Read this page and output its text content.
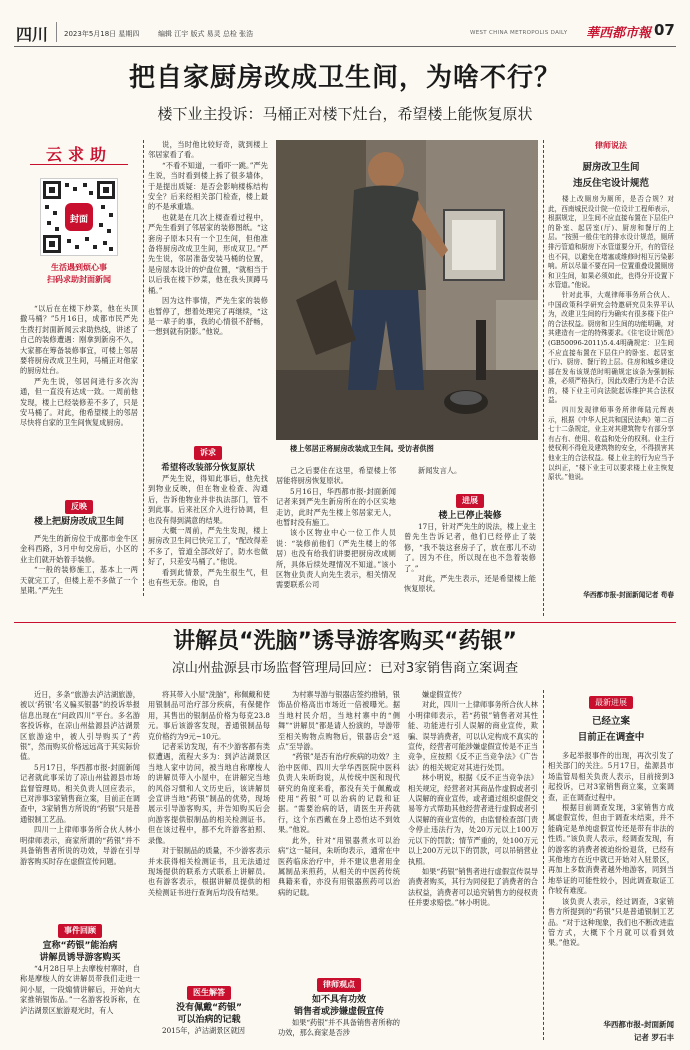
四川 2023年5月18日 星期四	编辑 江宇 版式 易灵 总检 张浩	WEST CHINA METROPOLIS DAILY 華西都市報 07
把自家厨房改成卫生间，为啥不行？
楼下业主投诉：马桶正对楼下灶台，希望楼上能恢复原状
云求助
封面
生活遇到烦心事
扫码求助封面新闻

“以后在在楼下炒菜，他在头顶撒马桶？”5月16日，成都市民严先生拨打封面新闻云求助热线，讲述了自己的装修遭遇：刚拿到新房不久，大家都在筹备装修事宜，可楼上邻居要将厨房改成卫生间，马桶正对他家的厨房灶台。

严先生说，邻居间进行多次沟通，但一直没有达成一致。一周前他发现，楼上已经装修差不多了，只是安马桶了。对此，他希望楼上的邻居尽快将自家的卫生间恢复成厨房。

反映
楼上把厨房改成卫生间

严先生的新房位于成都市金牛区金科西路，3月中旬交房后，小区的业主们就开始着手装修。

“一般的装修施工，基本上一两天就完工了，但楼上差不多做了一个星期。”严先生

说，当时他比较好奇，就到楼上邻居家看了看。

“不看不知道，一看吓一跳。”严先生说，当时看到楼上拆了很多墙体，于是提出质疑：是否会影响楼栋结构安全？后来经相关部门检查，楼上最的不是承重墙。

也就是在几次上楼查看过程中，严先生看到了邻居家的装修图纸。“这套房子原本只有一个卫生间，但他准备将厨房改成卫生间，形成双卫。”严先生说，邻居准备安装马桶的位置，是房屋本设计的炉盘位置，“就相当于以后我在楼下炒菜，他在我头顶蹲马桶。”

因为这件事情，严先生家的装修也暂停了，想着处理完了再继续，“这是一辈子的事，我的心情很不舒畅，一想到就有阴影。”他说。

诉求
希望将改装部分恢复原状

严先生说，得知此事后，他先找到物业反映，但在物业检查、沟通后，告诉他物业并非执法部门，管不到此事。后来社区介入进行协调，但也没有得到满意的结果。

大概一周前，严先生发现，楼上厨房改卫生间已快完工了，“配改得差不多了，管道全部改好了，防水也做好了，只差安马桶了。”他说。

看到此情景，严先生很生气，但也有些无奈。他说，自

楼上邻居正将厨房改装成卫生间。受访者供图

己之后要住在这里，希望楼上邻居能将厨房恢复原状。

5月16日，华西都市报-封面新闻记者来到严先生新房所在的小区实地走访，此时严先生楼上邻居家无人，也暂时没有施工。

该小区物业中心一位工作人员说：“装修前他们（严先生楼上的邻居）也没有给我们讲要把厨房改成厕所，具体后续处理情况不知道。”该小区物业负责人向先生表示，相关情况需要联系公司

新闻发言人。

进展
楼上已停止装修

17日，针对严先生的说法，楼上业主曾先生告诉记者，他们已经停止了装修，“我不装这套房子了，放在那儿不动了。因为不住，所以现在也不急着装修了。”

对此，严先生表示，还是希望楼上能恢复原状。

律师说法
厨房改卫生间
违反住宅设计规范

楼上改厕房为厕所，是否合规？对此，西南城民设计院一位设计工程师表示，根据规定，卫生间不应直接布置在下层住户的卧室、起居室(厅)、厨房和餐厅的上层。“按照一般住宅的排水设计规范，厕所排污管道和厨房下水管道要分开，有的管径也不同，以避免在堵塞或维修时相互污染影响。所以尽量不要在同一位置重叠设置厕房和卫生间，如果必须如此，也得分开设置下水管道。”他说。

针对此事，大观律师事务所合伙人、中国政策科学研究会特邀研究员朱界平认为，改建卫生间的行为确实有很多楼下住户的合法权益。厨房和卫生间的功能明确，对其建造有一定的特殊要求。《住宅设计规范》(GB50096-2011)5.4.4明确规定：卫生间不应直接布置在下层住户的卧室、起居室(厅)、厨房、餐厅的上层。住房和城乡建设部在发布该规范时明确规定该条为强制标准，必须严格执行，因此改建行为是不合法的，楼下业主可向法院起诉维护其合法权益。

四川发现律师事务所律师陆元辉表示，根据《中华人民共和国民法典》第二百七十二条规定，业主对其建筑物专有部分享有占有、使用、收益和处分的权利。业主行使权利不得危及建筑物的安全，不得损害其他业主的合法权益。楼上业主的行为应当予以纠正，“楼下业主可以要求楼上业主恢复原状。”他说。

华西都市报-封面新闻记者 苟春
讲解员“洗脑”诱导游客购买“药银”
凉山州盐源县市场监督管理局回应：已对3家销售商立案调查

近日，多条“旅游去泸沽湖旅游，被以‘药银’名义骗买银器”的投诉举报信息出现在“问政四川”平台。多名游客投诉称，在凉山州盐源县泸沽湖景区旅游途中，被人引导购买了“药银”，然而购买价格远远高于其实际价值。

5月17日，华西都市报-封面新闻记者就此事采访了凉山州盐源县市场监督管理局。相关负责人回应表示，已对涉事3家销售商立案，目前正在调查中，3家销售方所说的“药银”只是普通银制工艺品。

四川一上律师事务所合伙人林小明律师表示，商家所谓的“药银”并不具备销售者所说的功效，导游在引导游客购买时存在虚假宣传问题。

事件回顾
宣称“药银”能治病
讲解员诱导游客购买

“4月28日早上去摩梭村寨时，自称是摩梭人的女讲解员带我们走进一间小屋，一段煽情讲解后，开始向大家推销银饰品。”一名游客投诉称，在泸沽湖景区旅游观光时，有人

将其带入小屋“洗脑”，称佩戴和使用银制品可治疗部分疾病，有保健作用，其售出的银制品价格为每克23.8元。事后该游客发现，普通银制品每克价格约为9元~10元。

记者采访发现，有不少游客都有类似遭遇，流程大多为：到泸沽湖景区当地人家中访问，被当地自称摩梭人的讲解员带入小屋中，在讲解完当地的风俗习惯和人文历史后，该讲解员会宣讲当地“药银”制品的优势，现场展示引导游客购买，并告知购买后会向游客提供银制品的相关检测证书。但在该过程中，都不允许游客拍照、录像。

对于银制品的质量，不少游客表示并未获得相关检测证书，且无法通过现场提供的联系方式联系上讲解员。也有游客表示，根据讲解员提供的相关检测证书进行查询后均没有结果。

医生解答
没有佩戴“药银”
可以治病的记载

2015年，泸沽湖景区就因

为村寨导游与银器店签约推销，银饰品价格高出市场近一倍被曝光。据当地村民介绍，当地村寨中的“侧舞”“讲解员”都是请人扮演的，导游带至相关购物点购物后，银器店会“返点”至导游。

“药银”是否有治疗疾病的功效？主治中医师、四川大学华西医院中医科负责人朱昕昀说，从传统中医和现代研究的角度来看，都没有关于佩戴或使用“药银”可以治病的记载和证据。“需要治病的话，请医生开药就行，这个东西戴在身上恐怕达不到效果。”他说。

此外，针对“用银器煮水可以治病”这一疑问，朱昕昀表示，通常在中医药临床治疗中，并不建议患者用金属制品来煎药，从相关的中医药传统典籍来看，亦没有用银器煎药可以治病的记载。

律师观点
如不具有功效
销售者或涉嫌虚假宣传

如果“药银”并不具备销售者所称的功效，那么商家是否涉

嫌虚假宣传？

对此，四川一上律师事务所合伙人林小明律师表示，若“药银”销售者对其性能、功能进行引人误解的商业宣传，欺骗、误导消费者，可以认定构成不真实的宣传，经营者可能涉嫌虚假宣传是不正当竞争，应按照《反不正当竞争法》《广告法》的相关规定对其进行处罚。

林小明说，根据《反不正当竞争法》相关规定，经营者对其商品作虚假或者引人误解的商业宣传，或者通过组织虚假交易等方式帮助其他经营者进行虚假或者引人误解的商业宣传的，由监督检查部门责令停止违法行为，处20万元以上100万元以下的罚款；情节严重的，处100万元以上200万元以下的罚款，可以吊销营业执照。

如果“药银”销售者进行虚假宣传误导消费者购买，其行为同侵犯了消费者的合法权益，消费者可以追究销售方的侵权责任并要求赔偿。”林小明说。

最新进展
已经立案
目前正在调查中

多起举报事件的出现，再次引发了相关部门的关注。5月17日，盐源县市场监管局相关负责人表示，目前接到3起投诉，已对3家销售商立案，立案调查，正在调查过程中。

根据目前调查发现，3家销售方成属虚假宣传，但由于调查未结束，并不能确定是单纯虚假宣传还是带有非法的性质。”该负责人表示，经调查发现，有的游客的消费者被迫纷纷退货，已经有其他地方在近中就已开始对入驻景区，再加上多数消费者越外地游客，同到当地举证的可能性较小，因此调查取证工作较有难度。

该负责人表示，经过调查，3家销售方所提到的“药银”只是普通银制工艺品。“对于这种现象，我们也不断改进监管方式，大概下个月就可以看到效果。”他说。

华西都市报-封面新闻
记者 罗石丰
